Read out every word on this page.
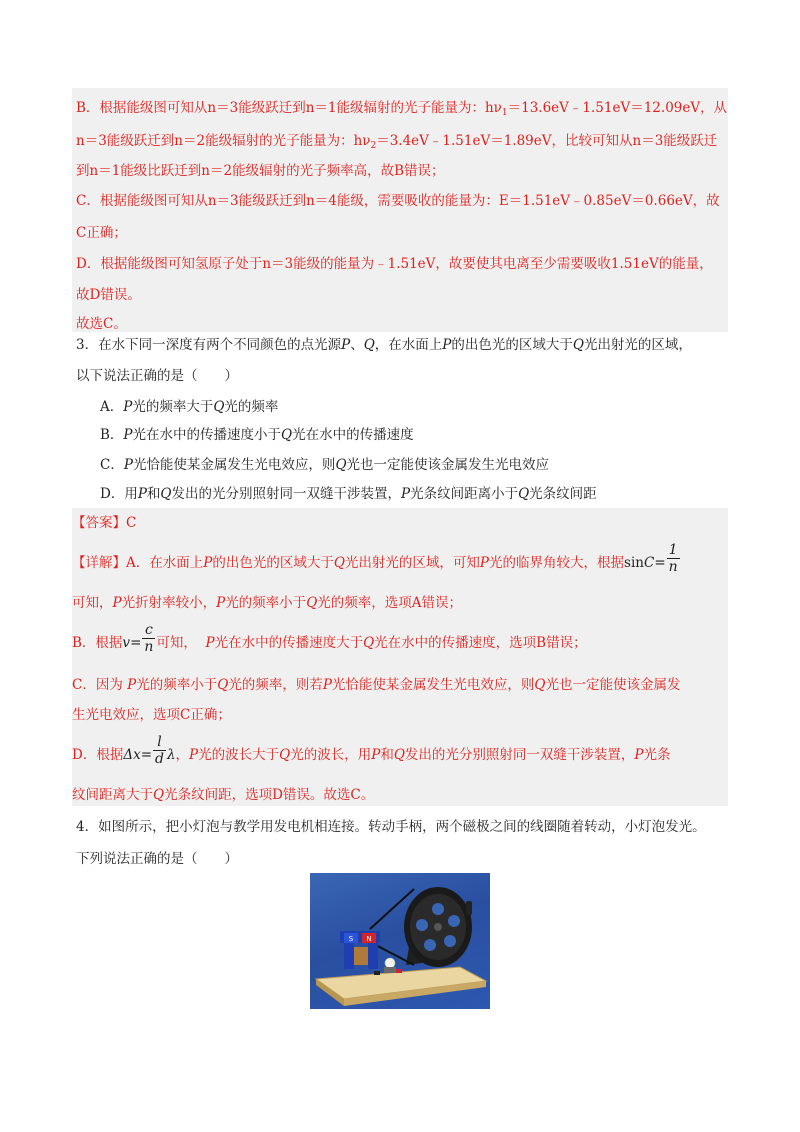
B．根据能级图可知从n＝3能级跃迁到n＝1能级辐射的光子能量为：$h\nu_1=13.6eV﹣1.51eV=12.09eV$，从
n＝3能级跃迁到n＝2能级辐射的光子能量为：$h\nu_2=3.4eV﹣1.51eV=1.89eV$，比较可知从n＝3能级跃迁
到n＝1能级比跃迁到n＝2能级辐射的光子频率高，故B错误；
C．根据能级图可知从n＝3能级跃迁到n＝4能级，需要吸收的能量为：E＝1.51eV﹣0.85eV＝0.66eV，故
C正确；
D．根据能级图可知氢原子处于n＝3能级的能量为﹣1.51eV，故要使其电离至少需要吸收1.51eV的能量，
故D错误。
故选C。
3．在水下同一深度有两个不同颜色的点光源P、Q，在水面上P的出色光的区域大于Q光出射光的区域，
以下说法正确的是（　　）
A．P光的频率大于Q光的频率
B．P光在水中的传播速度小于Q光在水中的传播速度
C．P光恰能使某金属发生光电效应，则Q光也一定能使该金属发生光电效应
D．用P和Q发出的光分别照射同一双缝干涉装置，P光条纹间距离小于Q光条纹间距
【答案】C
【详解】A．在水面上P的出色光的区域大于Q光出射光的区域，可知P光的临界角较大，根据$\sin C= \frac{1}{n}$
可知，P光折射率较小，P光的频率小于Q光的频率，选项A错误；
B．根据$v= \frac{c}{n}$ 可知， P光在水中的传播速度大于Q光在水中的传播速度，选项B错误；
C．因为 P光的频率小于Q光的频率，则若P光恰能使某金属发生光电效应，则Q光也一定能使该金属发
生光电效应，选项C正确；
D．根据$\Delta x= \frac{l}{d}$ λ，P光的波长大于Q光的波长，用P和Q发出的光分别照射同一双缝干涉装置，P光条
纹间距离大于Q光条纹间距，选项D错误。故选C。
4．如图所示，把小灯泡与教学用发电机相连接。转动手柄，两个磁极之间的线圈随着转动，小灯泡发光。
下列说法正确的是（　　）
S N
